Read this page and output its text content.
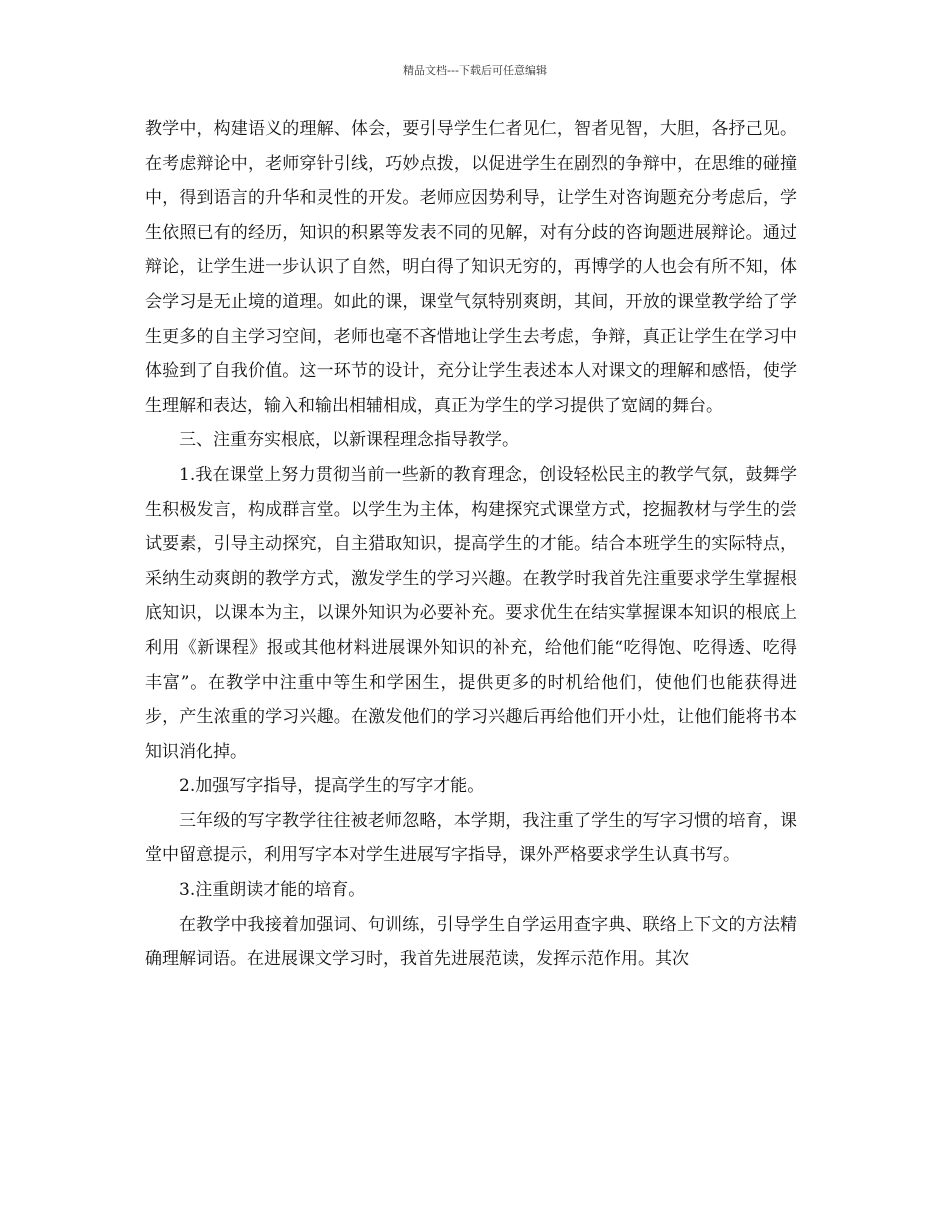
精品文档---下载后可任意编辑

教学中，构建语义的理解、体会，要引导学生仁者见仁，智者见智，大胆，各抒己见。在考虑辩论中，老师穿针引线，巧妙点拨，以促进学生在剧烈的争辩中，在思维的碰撞中，得到语言的升华和灵性的开发。老师应因势利导，让学生对咨询题充分考虑后，学生依照已有的经历，知识的积累等发表不同的见解，对有分歧的咨询题进展辩论。通过辩论，让学生进一步认识了自然，明白得了知识无穷的，再博学的人也会有所不知，体会学习是无止境的道理。如此的课，课堂气氛特别爽朗，其间，开放的课堂教学给了学生更多的自主学习空间，老师也毫不吝惜地让学生去考虑，争辩，真正让学生在学习中体验到了自我价值。这一环节的设计，充分让学生表述本人对课文的理解和感悟，使学生理解和表达，输入和输出相辅相成，真正为学生的学习提供了宽阔的舞台。

三、注重夯实根底，以新课程理念指导教学。

1.我在课堂上努力贯彻当前一些新的教育理念，创设轻松民主的教学气氛，鼓舞学生积极发言，构成群言堂。以学生为主体，构建探究式课堂方式，挖掘教材与学生的尝试要素，引导主动探究，自主猎取知识，提高学生的才能。结合本班学生的实际特点，采纳生动爽朗的教学方式，激发学生的学习兴趣。在教学时我首先注重要求学生掌握根底知识，以课本为主，以课外知识为必要补充。要求优生在结实掌握课本知识的根底上利用《新课程》报或其他材料进展课外知识的补充，给他们能“吃得饱、吃得透、吃得丰富”。在教学中注重中等生和学困生，提供更多的时机给他们，使他们也能获得进步，产生浓重的学习兴趣。在激发他们的学习兴趣后再给他们开小灶，让他们能将书本知识消化掉。

2.加强写字指导，提高学生的写字才能。

三年级的写字教学往往被老师忽略，本学期，我注重了学生的写字习惯的培育，课堂中留意提示，利用写字本对学生进展写字指导，课外严格要求学生认真书写。

3.注重朗读才能的培育。

在教学中我接着加强词、句训练，引导学生自学运用查字典、联络上下文的方法精确理解词语。在进展课文学习时，我首先进展范读，发挥示范作用。其次
